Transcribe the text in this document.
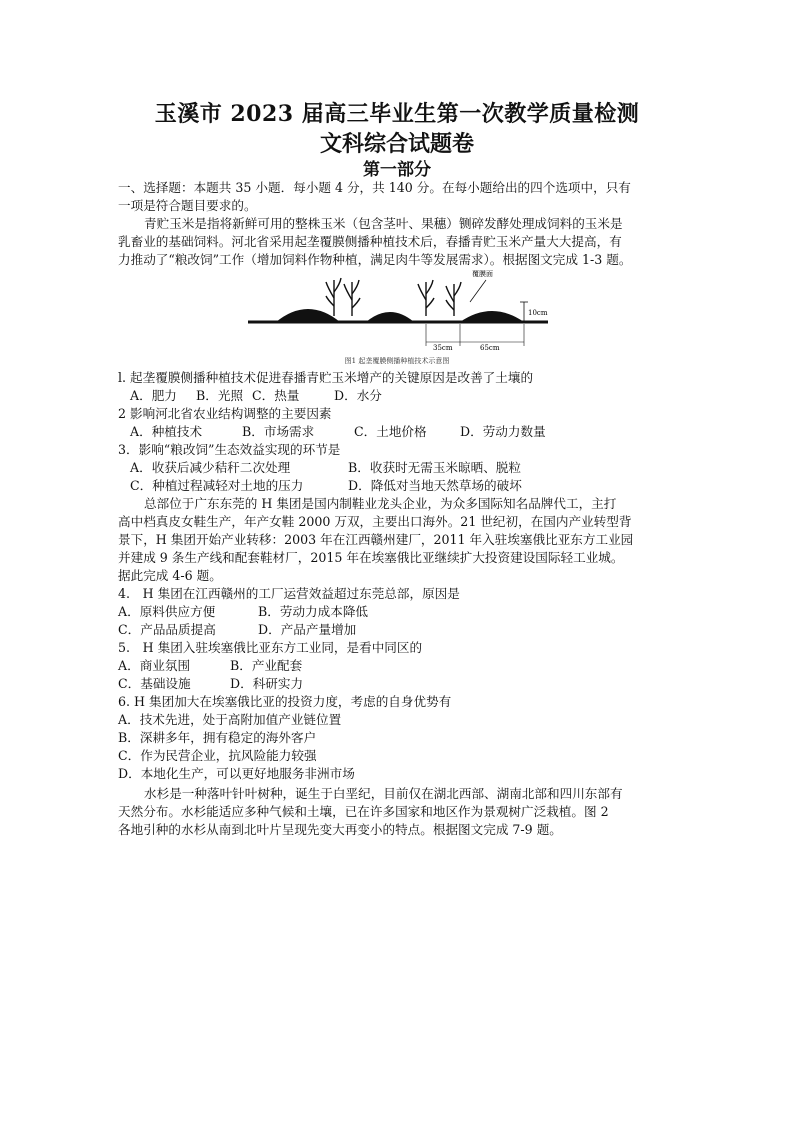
玉溪市 2023 届高三毕业生第一次教学质量检测
文科综合试题卷
第一部分
一、选择题：本题共 35 小题．每小题 4 分，共 140 分。在每小题给出的四个选项中，只有
一项是符合题目要求的。
青贮玉米是指将新鲜可用的整株玉米（包含茎叶、果穗）铡碎发酵处理成饲料的玉米是
乳畜业的基础饲料。河北省采用起垄覆膜侧播种植技术后，春播青贮玉米产量大大提高，有
力推动了“粮改饲”工作（增加饲料作物种植，满足肉牛等发展需求）。根据图文完成 1-3 题。
覆膜面
10cm
35cm	65cm
图1 起垄覆膜侧播种植技术示意图
l. 起垄覆膜侧播种植技术促进春播青贮玉米增产的关键原因是改善了土壤的
A．肥力 B．光照 C．热量	D．水分
2 影响河北省农业结构调整的主要因素
A．种植技术	B．市场需求	C．土地价格	D．劳动力数量
3．影响“粮改饲”生态效益实现的环节是
A．收获后减少秸秆二次处理	B．收获时无需玉米晾晒、脱粒
C．种植过程减轻对土地的压力	D．降低对当地天然草场的破坏
总部位于广东东莞的 H 集团是国内制鞋业龙头企业，为众多国际知名品牌代工，主打
高中档真皮女鞋生产，年产女鞋 2000 万双，主要出口海外。21 世纪初，在国内产业转型背
景下，H 集团开始产业转移：2003 年在江西赣州建厂，2011 年入驻埃塞俄比亚东方工业园
并建成 9 条生产线和配套鞋材厂，2015 年在埃塞俄比亚继续扩大投资建设国际轻工业城。
据此完成 4-6 题。
4.　H 集团在江西赣州的工厂运营效益超过东莞总部，原因是
A．原料供应方便	B．劳动力成本降低
C．产品品质提高	D．产品产量增加
5.　H 集团入驻埃塞俄比亚东方工业同，是看中同区的
A．商业氛围	B．产业配套
C．基础设施	D．科研实力
6. H 集团加大在埃塞俄比亚的投资力度，考虑的自身优势有
A．技术先进，处于高附加值产业链位置
B．深耕多年，拥有稳定的海外客户
C．作为民营企业，抗风险能力较强
D．本地化生产，可以更好地服务非洲市场
水杉是一种落叶针叶树种，诞生于白垩纪，目前仅在湖北西部、湖南北部和四川东部有
天然分布。水杉能适应多种气候和土壤，已在许多国家和地区作为景观树广泛栽植。图 2
各地引种的水杉从南到北叶片呈现先变大再变小的特点。根据图文完成 7-9 题。
